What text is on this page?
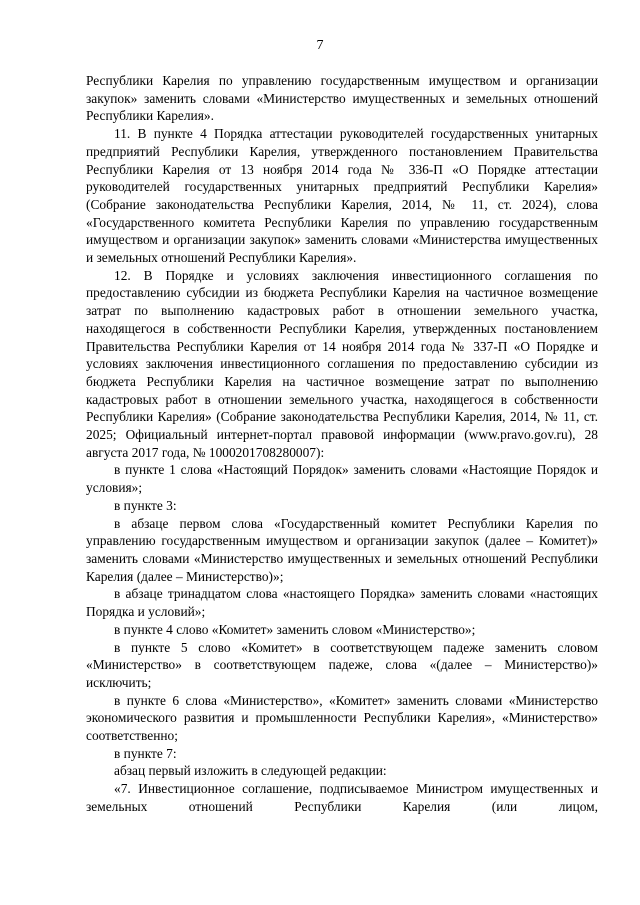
7

Республики Карелия по управлению государственным имуществом и организации закупок» заменить словами «Министерство имущественных и земельных отношений Республики Карелия».

11. В пункте 4 Порядка аттестации руководителей государственных унитарных предприятий Республики Карелия, утвержденного постановлением Правительства Республики Карелия от 13 ноября 2014 года № 336-П «О Порядке аттестации руководителей государственных унитарных предприятий Республики Карелия» (Собрание законодательства Республики Карелия, 2014, № 11, ст. 2024), слова «Государственного комитета Республики Карелия по управлению государственным имуществом и организации закупок» заменить словами «Министерства имущественных и земельных отношений Республики Карелия».

12. В Порядке и условиях заключения инвестиционного соглашения по предоставлению субсидии из бюджета Республики Карелия на частичное возмещение затрат по выполнению кадастровых работ в отношении земельного участка, находящегося в собственности Республики Карелия, утвержденных постановлением Правительства Республики Карелия от 14 ноября 2014 года № 337-П «О Порядке и условиях заключения инвестиционного соглашения по предоставлению субсидии из бюджета Республики Карелия на частичное возмещение затрат по выполнению кадастровых работ в отношении земельного участка, находящегося в собственности Республики Карелия» (Собрание законодательства Республики Карелия, 2014, № 11, ст. 2025; Официальный интернет-портал правовой информации (www.pravo.gov.ru), 28 августа 2017 года, № 1000201708280007):

в пункте 1 слова «Настоящий Порядок» заменить словами «Настоящие Порядок и условия»;

в пункте 3:

в абзаце первом слова «Государственный комитет Республики Карелия по управлению государственным имуществом и организации закупок (далее – Комитет)» заменить словами «Министерство имущественных и земельных отношений Республики Карелия (далее – Министерство)»;

в абзаце тринадцатом слова «настоящего Порядка» заменить словами «настоящих Порядка и условий»;

в пункте 4 слово «Комитет» заменить словом «Министерство»;

в пункте 5 слово «Комитет» в соответствующем падеже заменить словом «Министерство» в соответствующем падеже, слова «(далее – Министерство)» исключить;

в пункте 6 слова «Министерство», «Комитет» заменить словами «Министерство экономического развития и промышленности Республики Карелия», «Министерство» соответственно;

в пункте 7:

абзац первый изложить в следующей редакции:

«7. Инвестиционное соглашение, подписываемое Министром имущественных и земельных отношений Республики Карелия (или лицом,
